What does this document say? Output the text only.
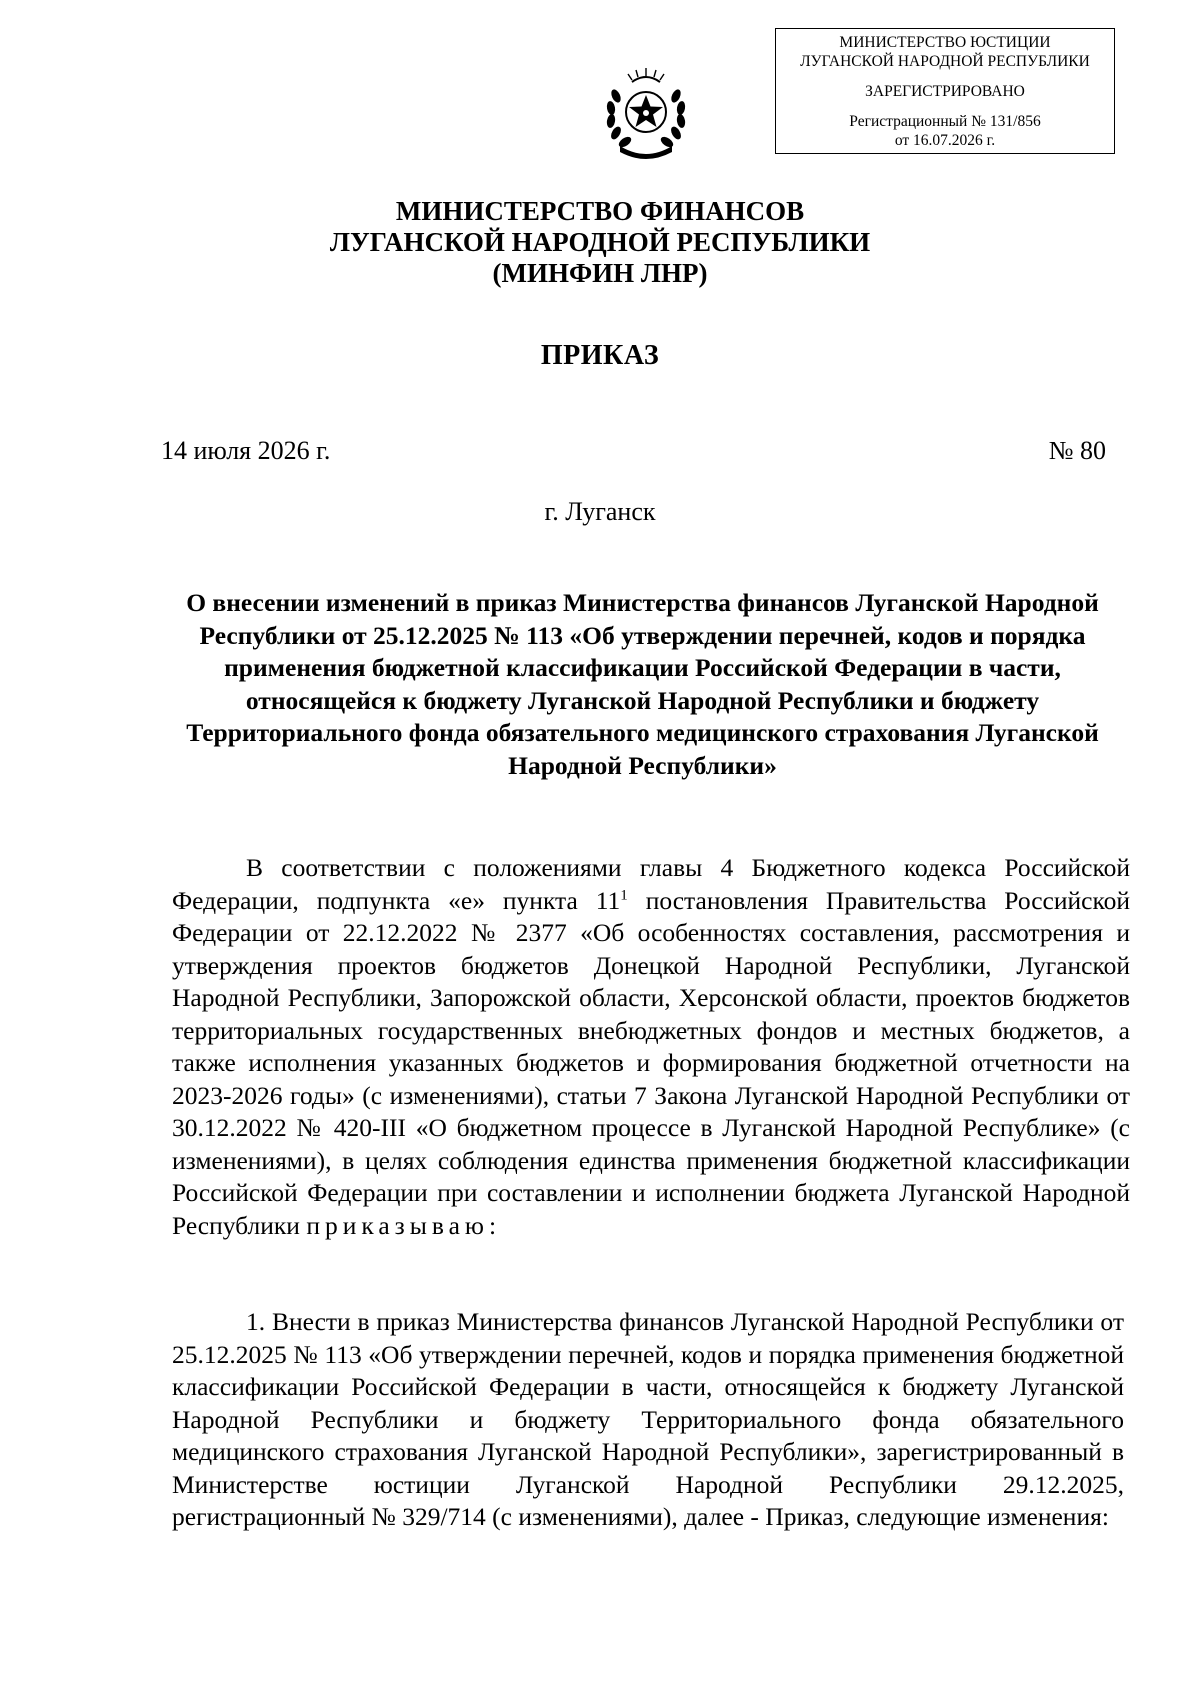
МИНИСТЕРСТВО ЮСТИЦИИ
ЛУГАНСКОЙ НАРОДНОЙ РЕСПУБЛИКИ
ЗАРЕГИСТРИРОВАНО
Регистрационный № 131/856
от 16.07.2026 г.
МИНИСТЕРСТВО ФИНАНСОВ
ЛУГАНСКОЙ НАРОДНОЙ РЕСПУБЛИКИ
(МИНФИН ЛНР)
ПРИКАЗ
14 июля 2026 г.	№ 80
г. Луганск
О внесении изменений в приказ Министерства финансов Луганской Народной Республики от 25.12.2025 № 113 «Об утверждении перечней, кодов и порядка применения бюджетной классификации Российской Федерации в части, относящейся к бюджету Луганской Народной Республики и бюджету Территориального фонда обязательного медицинского страхования Луганской Народной Республики»
В соответствии с положениями главы 4 Бюджетного кодекса Российской Федерации, подпункта «е» пункта $11^1$ постановления Правительства Российской Федерации от 22.12.2022 № 2377 «Об особенностях составления, рассмотрения и утверждения проектов бюджетов Донецкой Народной Республики, Луганской Народной Республики, Запорожской области, Херсонской области, проектов бюджетов территориальных государственных внебюджетных фондов и местных бюджетов, а также исполнения указанных бюджетов и формирования бюджетной отчетности на 2023-2026 годы» (с изменениями), статьи 7 Закона Луганской Народной Республики от 30.12.2022 № 420-III «О бюджетном процессе в Луганской Народной Республике» (с изменениями), в целях соблюдения единства применения бюджетной классификации Российской Федерации при составлении и исполнении бюджета Луганской Народной Республики приказываю:
1. Внести в приказ Министерства финансов Луганской Народной Республики от 25.12.2025 № 113 «Об утверждении перечней, кодов и порядка применения бюджетной классификации Российской Федерации в части, относящейся к бюджету Луганской Народной Республики и бюджету Территориального фонда обязательного медицинского страхования Луганской Народной Республики», зарегистрированный в Министерстве юстиции Луганской Народной Республики 29.12.2025, регистрационный № 329/714 (с изменениями), далее - Приказ, следующие изменения:
